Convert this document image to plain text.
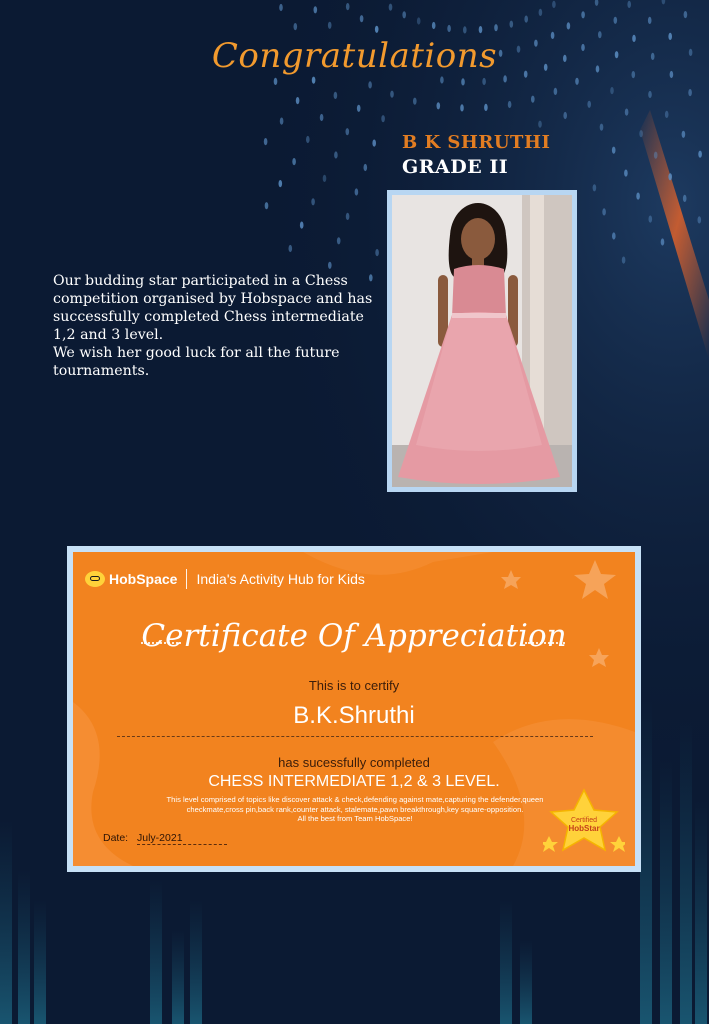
Congratulations
B K SHRUTHI
GRADE II

Our budding star participated in a Chess competition organised by Hobspace and has successfully completed Chess intermediate 1,2 and 3 level.

We wish her good luck for all the future tournaments.

HobSpace India's Activity Hub for Kids
Certificate Of Appreciation
This is to certify
B.K.Shruthi
has sucessfully completed
CHESS INTERMEDIATE 1,2 & 3 LEVEL.
This level comprised of topics like discover attack & check,defending against mate,capturing the defender,queen checkmate,cross pin,back rank,counter attack, stalemate,pawn breakthrough,key square-opposition.
All the best from Team HobSpace!
Date: July-2021
Certified
HobStar
